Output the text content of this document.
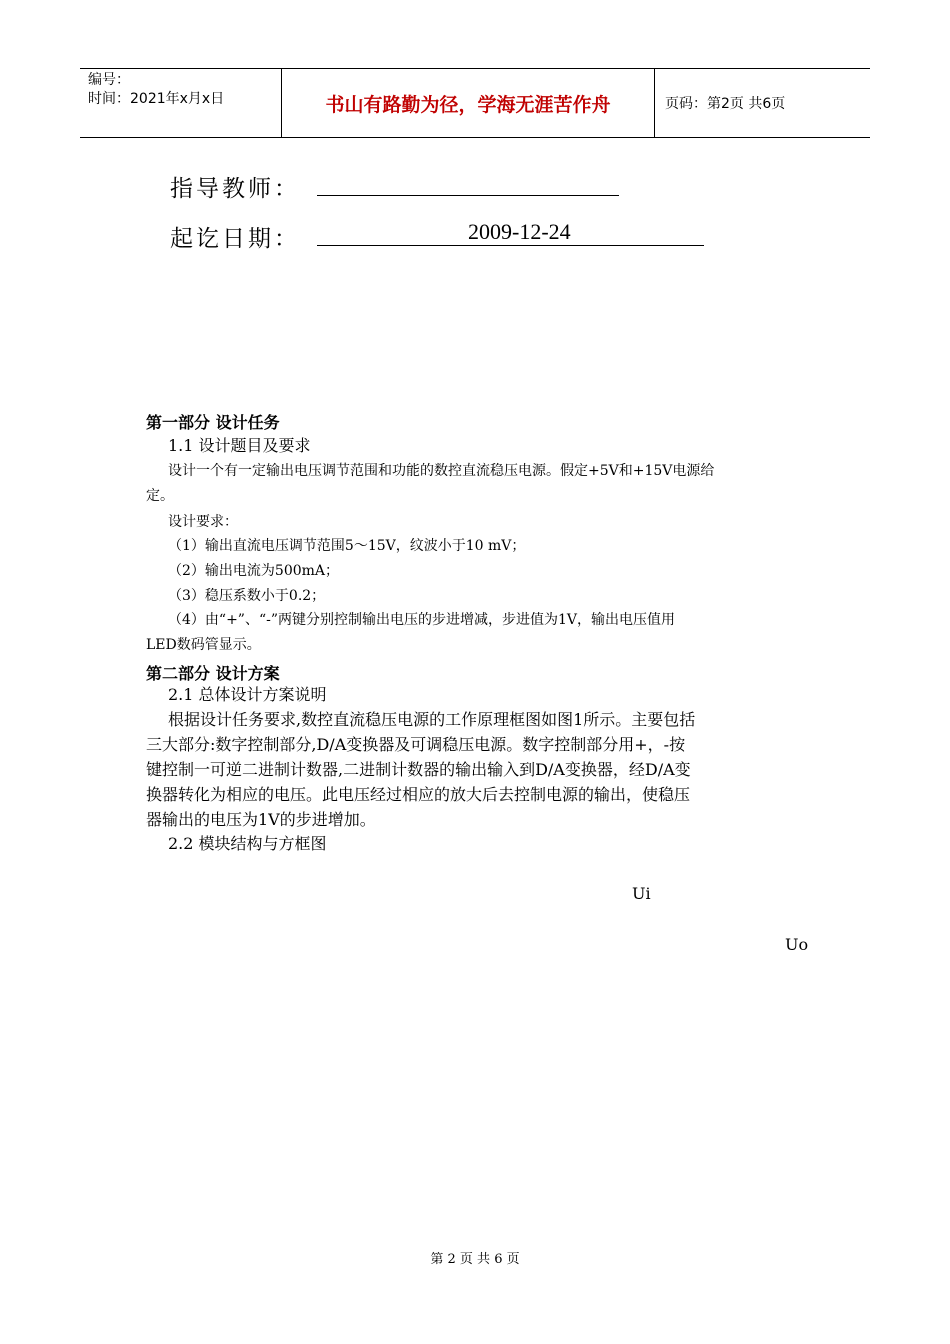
编号：
时间：2021年x月x日	书山有路勤为径，学海无涯苦作舟	页码：第2页 共6页
指导教师：
起讫日期：	2009-12-24
第一部分 设计任务
1.1 设计题目及要求
设计一个有一定输出电压调节范围和功能的数控直流稳压电源。假定+5V和+15V电源给
定。
设计要求：
（1）输出直流电压调节范围5～15V，纹波小于10 mV；
（2）输出电流为500mA；
（3）稳压系数小于0.2；
（4）由“+”、“-”两键分别控制输出电压的步进增减，步进值为1V，输出电压值用
LED数码管显示。
第二部分 设计方案
2.1 总体设计方案说明
根据设计任务要求,数控直流稳压电源的工作原理框图如图1所示。主要包括
三大部分:数字控制部分,D/A变换器及可调稳压电源。数字控制部分用+，-按
键控制一可逆二进制计数器,二进制计数器的输出输入到D/A变换器，经D/A变
换器转化为相应的电压。此电压经过相应的放大后去控制电源的输出，使稳压
器输出的电压为1V的步进增加。
2.2 模块结构与方框图
Ui
Uo
第 2 页 共 6 页
